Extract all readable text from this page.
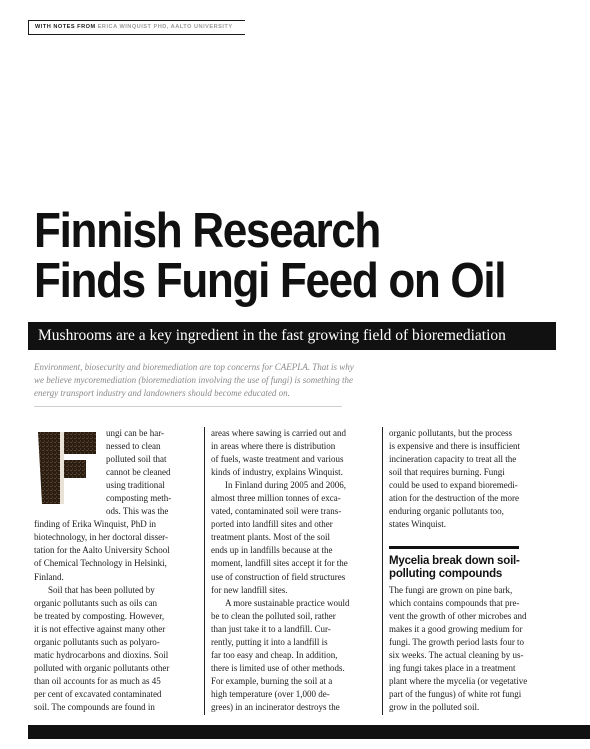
WITH NOTES FROM ERICA WINQUIST PHD, AALTO UNIVERSITY
Finnish Research
Finds Fungi Feed on Oil
Mushrooms are a key ingredient in the fast growing field of bioremediation
Environment, biosecurity and bioremediation are top concerns for CAEPLA. That is why
we believe mycoremediation (bioremediation involving the use of fungi) is something the
energy transport industry and landowners should become educated on.
ungi can be har-
nessed to clean
polluted soil that
cannot be cleaned
using traditional
composting meth-
ods. This was the
finding of Erika Winquist, PhD in
biotechnology, in her doctoral disser-
tation for the Aalto University School
of Chemical Technology in Helsinki,
Finland.
Soil that has been polluted by
organic pollutants such as oils can
be treated by composting. However,
it is not effective against many other
organic pollutants such as polyaro-
matic hydrocarbons and dioxins. Soil
polluted with organic pollutants other
than oil accounts for as much as 45
per cent of excavated contaminated
soil. The compounds are found in
areas where sawing is carried out and
in areas where there is distribution
of fuels, waste treatment and various
kinds of industry, explains Winquist.
In Finland during 2005 and 2006,
almost three million tonnes of exca-
vated, contaminated soil were trans-
ported into landfill sites and other
treatment plants. Most of the soil
ends up in landfills because at the
moment, landfill sites accept it for the
use of construction of field structures
for new landfill sites.
A more sustainable practice would
be to clean the polluted soil, rather
than just take it to a landfill. Cur-
rently, putting it into a landfill is
far too easy and cheap. In addition,
there is limited use of other methods.
For example, burning the soil at a
high temperature (over 1,000 de-
grees) in an incinerator destroys the
organic pollutants, but the process
is expensive and there is insufficient
incineration capacity to treat all the
soil that requires burning. Fungi
could be used to expand bioremedi-
ation for the destruction of the more
enduring organic pollutants too,
states Winquist.
Mycelia break down soil-
polluting compounds
The fungi are grown on pine bark,
which contains compounds that pre-
vent the growth of other microbes and
makes it a good growing medium for
fungi. The growth period lasts four to
six weeks. The actual cleaning by us-
ing fungi takes place in a treatment
plant where the mycelia (or vegetative
part of the fungus) of white rot fungi
grow in the polluted soil.
